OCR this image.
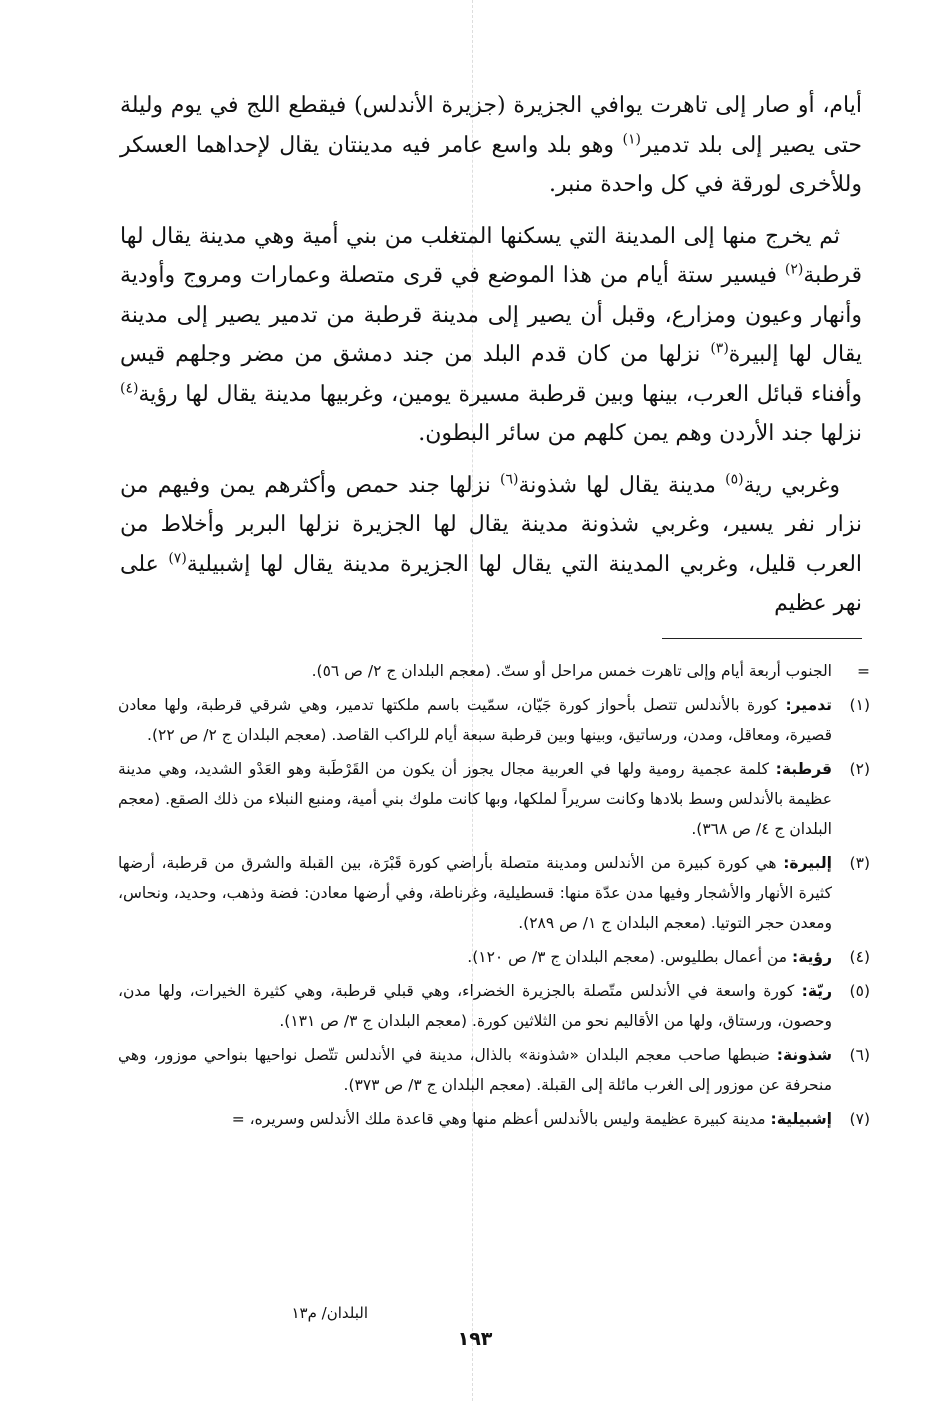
أيام، أو صار إلى تاهرت يوافي الجزيرة (جزيرة الأندلس) فيقطع اللج في يوم وليلة حتى يصير إلى بلد تدمير$^{(١)}$ وهو بلد واسع عامر فيه مدينتان يقال لإحداهما العسكر وللأخرى لورقة في كل واحدة منبر.

ثم يخرج منها إلى المدينة التي يسكنها المتغلب من بني أمية وهي مدينة يقال لها قرطبة$^{(٢)}$ فيسير ستة أيام من هذا الموضع في قرى متصلة وعمارات ومروج وأودية وأنهار وعيون ومزارع، وقبل أن يصير إلى مدينة قرطبة من تدمير يصير إلى مدينة يقال لها إلبيرة$^{(٣)}$ نزلها من كان قدم البلد من جند دمشق من مضر وجلهم قيس وأفناء قبائل العرب، بينها وبين قرطبة مسيرة يومين، وغربيها مدينة يقال لها رؤية$^{(٤)}$ نزلها جند الأردن وهم يمن كلهم من سائر البطون.

وغربي رية$^{(٥)}$ مدينة يقال لها شذونة$^{(٦)}$ نزلها جند حمص وأكثرهم يمن وفيهم من نزار نفر يسير، وغربي شذونة مدينة يقال لها الجزيرة نزلها البربر وأخلاط من العرب قليل، وغربي المدينة التي يقال لها الجزيرة مدينة يقال لها إشبيلية$^{(٧)}$ على نهر عظيم

=
الجنوب أربعة أيام وإلى تاهرت خمس مراحل أو ستّ. (معجم البلدان ج ٢/ ص ٥٦).
(١)
تدمير: كورة بالأندلس تتصل بأحواز كورة جَيّان، سمّيت باسم ملكتها تدمير، وهي شرقي قرطبة، ولها معادن قصيرة، ومعاقل، ومدن، ورساتيق، وبينها وبين قرطبة سبعة أيام للراكب القاصد. (معجم البلدان ج ٢/ ص ٢٢).
(٢)
قرطبة: كلمة عجمية رومية ولها في العربية مجال يجوز أن يكون من القَرْطَبة وهو العَدْو الشديد، وهي مدينة عظيمة بالأندلس وسط بلادها وكانت سريراً لملكها، وبها كانت ملوك بني أمية، ومنبع النبلاء من ذلك الصقع. (معجم البلدان ج ٤/ ص ٣٦٨).
(٣)
إلبيرة: هي كورة كبيرة من الأندلس ومدينة متصلة بأراضي كورة قَبْرَة، بين القبلة والشرق من قرطبة، أرضها كثيرة الأنهار والأشجار وفيها مدن عدّة منها: قسطيلية، وغرناطة، وفي أرضها معادن: فضة وذهب، وحديد، ونحاس، ومعدن حجر التوتيا. (معجم البلدان ج ١/ ص ٢٨٩).
(٤)
رؤية: من أعمال بطليوس. (معجم البلدان ج ٣/ ص ١٢٠).
(٥)
ريّة: كورة واسعة في الأندلس متّصلة بالجزيرة الخضراء، وهي قبلي قرطبة، وهي كثيرة الخيرات، ولها مدن، وحصون، ورستاق، ولها من الأقاليم نحو من الثلاثين كورة. (معجم البلدان ج ٣/ ص ١٣١).
(٦)
شذونة: ضبطها صاحب معجم البلدان «شذونة» بالذال، مدينة في الأندلس تتّصل نواحيها بنواحي موزور، وهي منحرفة عن موزور إلى الغرب مائلة إلى القبلة. (معجم البلدان ج ٣/ ص ٣٧٣).
(٧)
إشبيلية: مدينة كبيرة عظيمة وليس بالأندلس أعظم منها وهي قاعدة ملك الأندلس وسريره، =
البلدان/ م١٣
١٩٣
